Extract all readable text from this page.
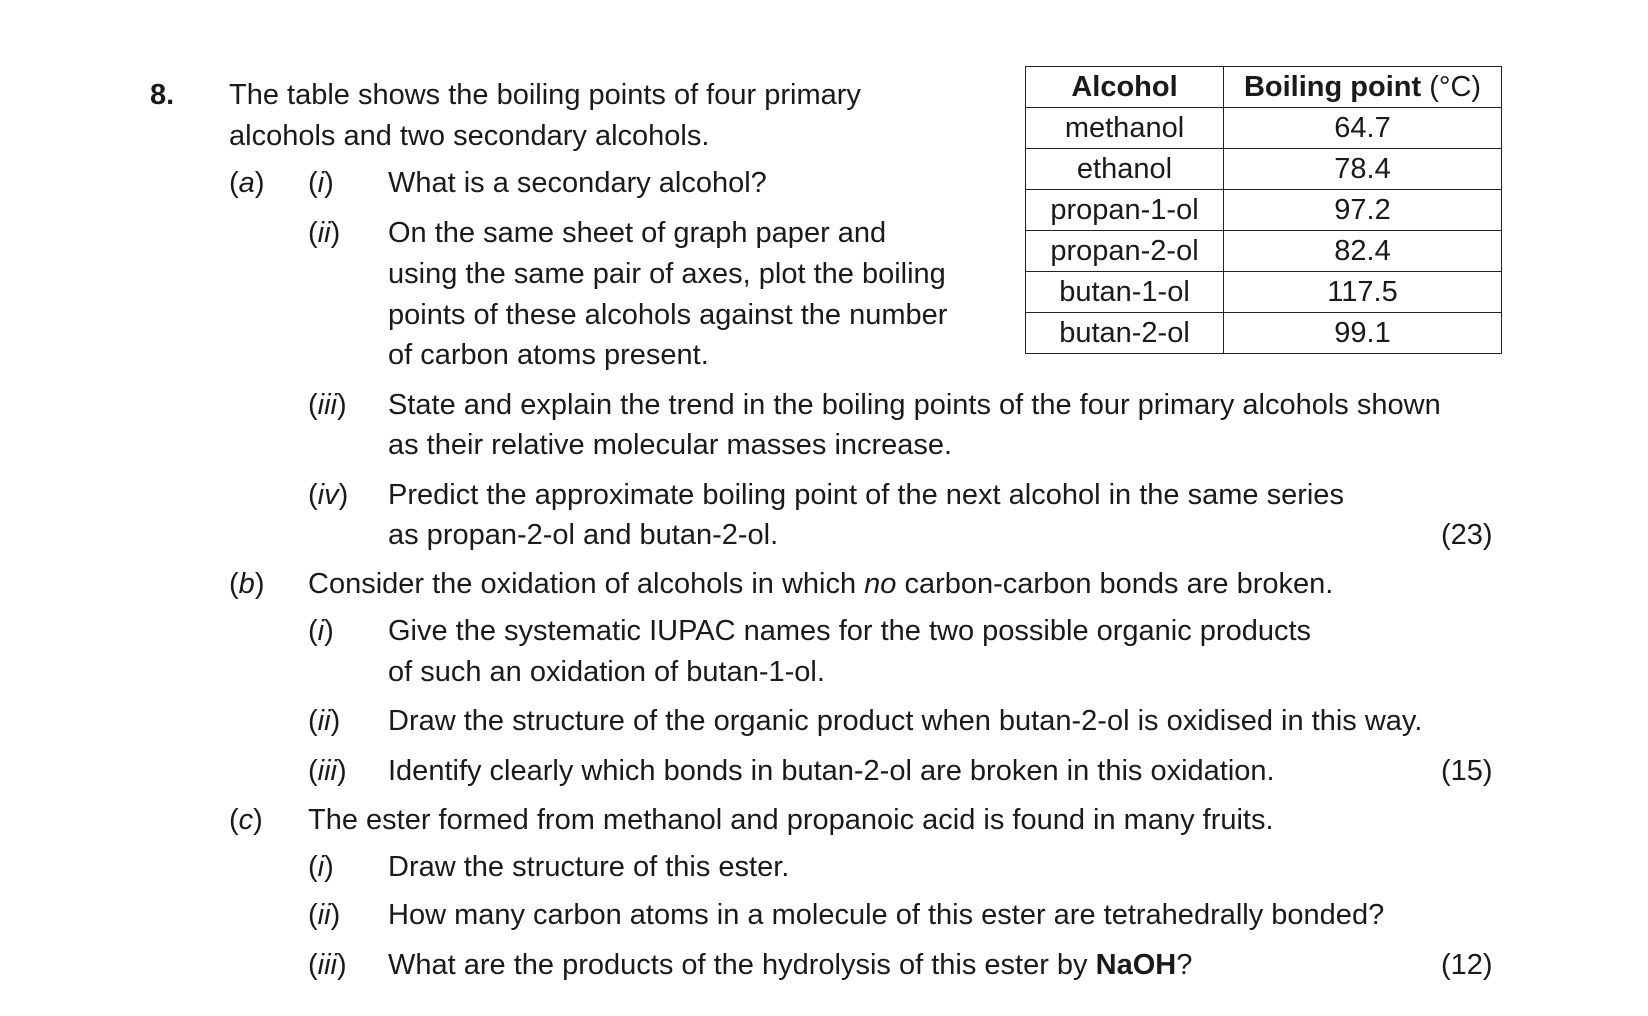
8. The table shows the boiling points of four primary
alcohols and two secondary alcohols.
Alcohol	Boiling point (°C)
methanol	64.7
ethanol	78.4
propan-1-ol	97.2
propan-2-ol	82.4
butan-1-ol	117.5
butan-2-ol	99.1
(a) (i) What is a secondary alcohol?
(ii) On the same sheet of graph paper and
using the same pair of axes, plot the boiling
points of these alcohols against the number
of carbon atoms present.
(iii) State and explain the trend in the boiling points of the four primary alcohols shown
as their relative molecular masses increase.
(iv) Predict the approximate boiling point of the next alcohol in the same series
as propan-2-ol and butan-2-ol.	(23)
(b) Consider the oxidation of alcohols in which no carbon-carbon bonds are broken.
(i) Give the systematic IUPAC names for the two possible organic products
of such an oxidation of butan-1-ol.
(ii) Draw the structure of the organic product when butan-2-ol is oxidised in this way.
(iii) Identify clearly which bonds in butan-2-ol are broken in this oxidation.	(15)
(c) The ester formed from methanol and propanoic acid is found in many fruits.
(i) Draw the structure of this ester.
(ii) How many carbon atoms in a molecule of this ester are tetrahedrally bonded?
(iii) What are the products of the hydrolysis of this ester by NaOH?	(12)
